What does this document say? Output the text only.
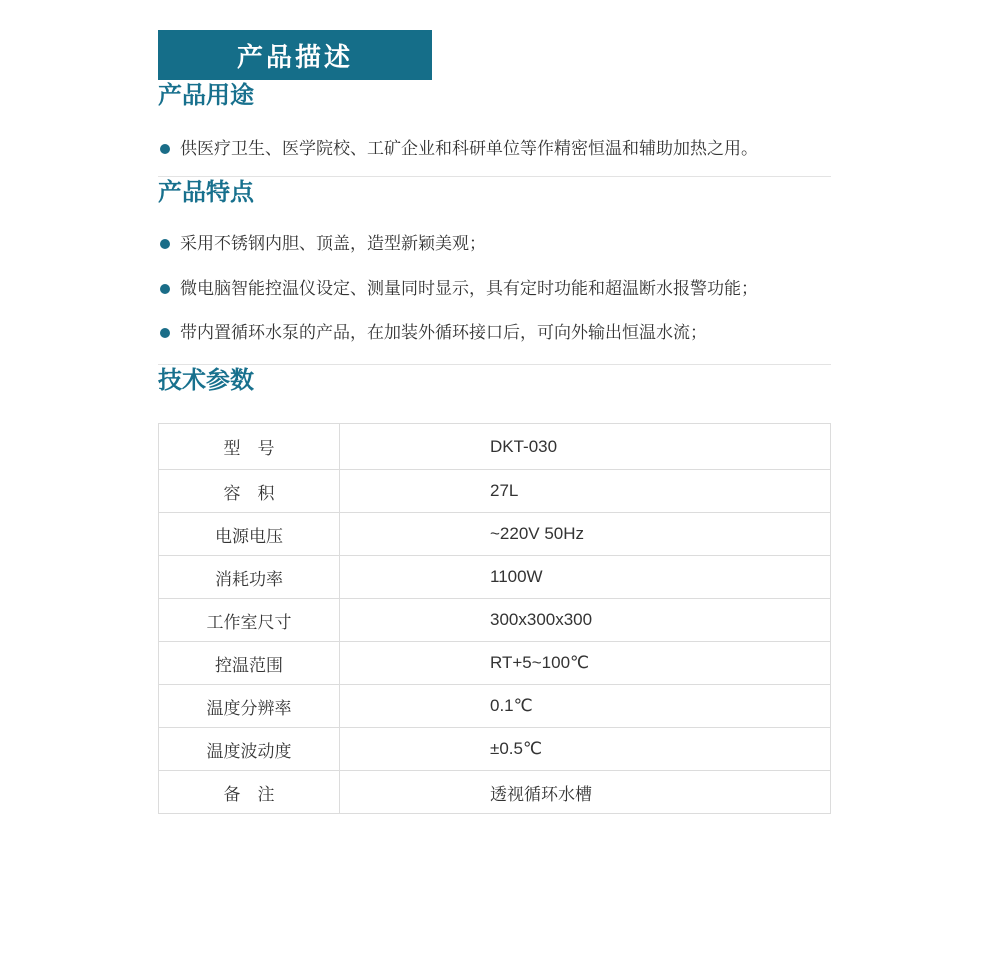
产品描述
产品用途
供医疗卫生、医学院校、工矿企业和科研单位等作精密恒温和辅助加热之用。
产品特点
采用不锈钢内胆、顶盖，造型新颖美观；
微电脑智能控温仪设定、测量同时显示，具有定时功能和超温断水报警功能；
带内置循环水泵的产品，在加装外循环接口后，可向外输出恒温水流；
技术参数
型　号	DKT-030
容　积	27L
电源电压	~220V 50Hz
消耗功率	1100W
工作室尺寸	300x300x300
控温范围	RT+5~100℃
温度分辨率	0.1℃
温度波动度	±0.5℃
备　注	透视循环水槽
